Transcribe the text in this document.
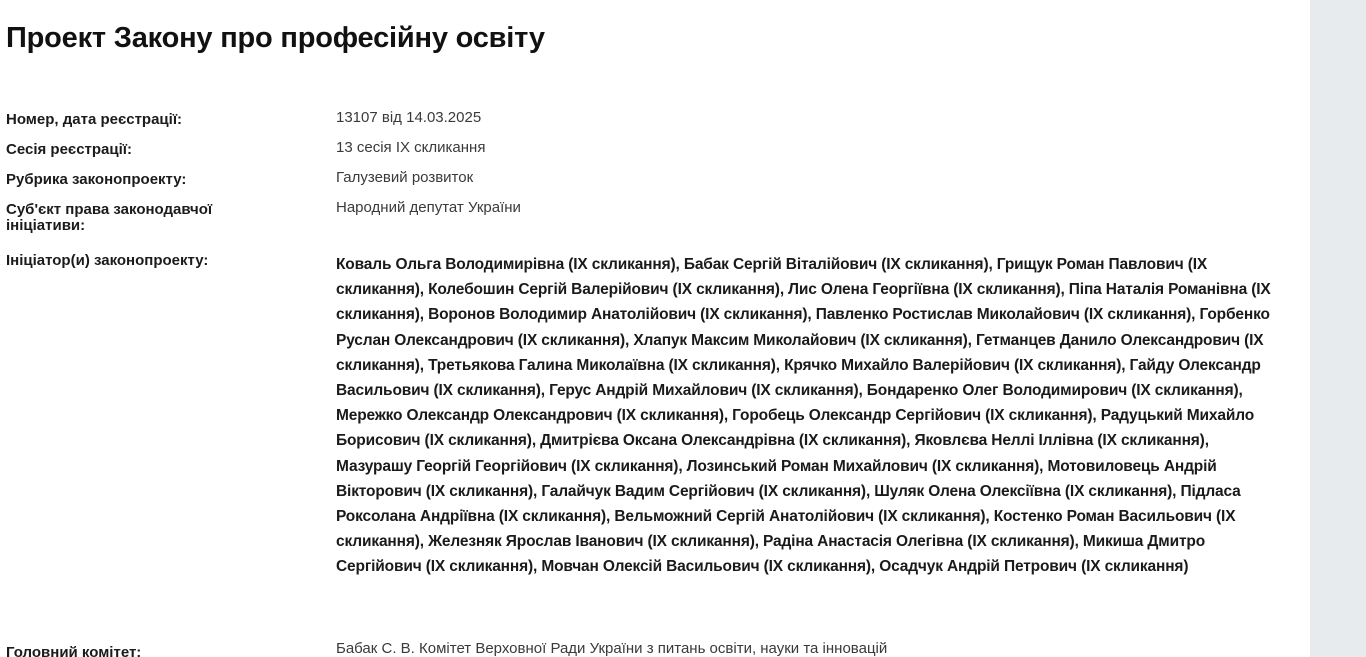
Проект Закону про професійну освіту
Номер, дата реєстрації:	13107 від 14.03.2025
Сесія реєстрації:	13 сесія IX скликання
Рубрика законопроекту:	Галузевий розвиток
Суб'єкт права законодавчої ініціативи:
Народний депутат України
Ініціатор(и) законопроекту:	Коваль Ольга Володимирівна (IX скликання), Бабак Сергій Віталійович (IX скликання), Грищук Роман Павлович (IX скликання), Колебошин Сергій Валерійович (IX скликання), Лис Олена Георгіївна (IX скликання), Піпа Наталія Романівна (IX скликання), Воронов Володимир Анатолійович (IX скликання), Павленко Ростислав Миколайович (IX скликання), Горбенко Руслан Олександрович (IX скликання), Хлапук Максим Миколайович (IX скликання), Гетманцев Данило Олександрович (IX скликання), Третьякова Галина Миколаївна (IX скликання), Крячко Михайло Валерійович (IX скликання), Гайду Олександр Васильович (IX скликання), Герус Андрій Михайлович (IX скликання), Бондаренко Олег Володимирович (IX скликання), Мережко Олександр Олександрович (IX скликання), Горобець Олександр Сергійович (IX скликання), Радуцький Михайло Борисович (IX скликання), Дмитрієва Оксана Олександрівна (IX скликання), Яковлєва Неллі Іллівна (IX скликання), Мазурашу Георгій Георгійович (IX скликання), Лозинський Роман Михайлович (IX скликання), Мотовиловець Андрій Вікторович (IX скликання), Галайчук Вадим Сергійович (IX скликання), Шуляк Олена Олексіївна (IX скликання), Підласа Роксолана Андріївна (IX скликання), Вельможний Сергій Анатолійович (IX скликання), Костенко Роман Васильович (IX скликання), Железняк Ярослав Іванович (IX скликання), Радіна Анастасія Олегівна (IX скликання), Микиша Дмитро Сергійович (IX скликання), Мовчан Олексій Васильович (IX скликання), Осадчук Андрій Петрович (IX скликання)
Головний комітет:	Бабак С. В. Комітет Верховної Ради України з питань освіти, науки та інновацій
